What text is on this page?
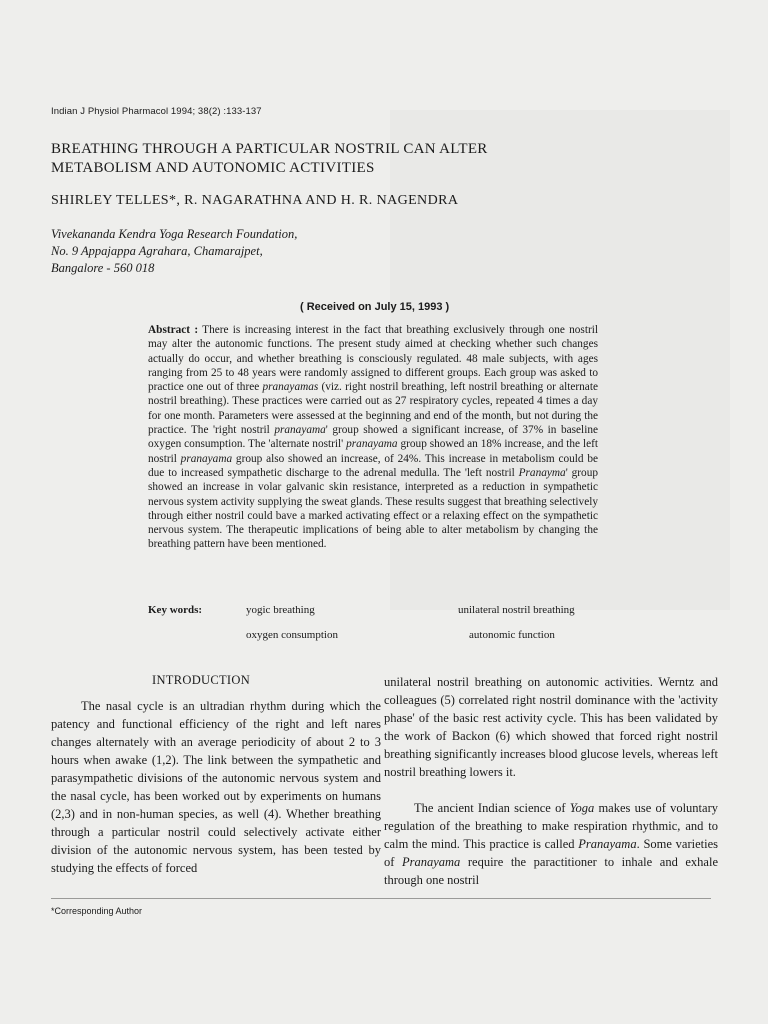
Indian J Physiol Pharmacol 1994; 38(2) :133-137
BREATHING THROUGH A PARTICULAR NOSTRIL CAN ALTER
METABOLISM AND AUTONOMIC ACTIVITIES
SHIRLEY TELLES*, R. NAGARATHNA AND H. R. NAGENDRA
Vivekananda Kendra Yoga Research Foundation,
No. 9 Appajappa Agrahara, Chamarajpet,
Bangalore - 560 018
( Received on July 15, 1993 )
Abstract : There is increasing interest in the fact that breathing exclusively through one nostril may alter the autonomic functions. The present study aimed at checking whether such changes actually do occur, and whether breathing is consciously regulated. 48 male subjects, with ages ranging from 25 to 48 years were randomly assigned to different groups. Each group was asked to practice one out of three pranayamas (viz. right nostril breathing, left nostril breathing or alternate nostril breathing). These practices were carried out as 27 respiratory cycles, repeated 4 times a day for one month. Parameters were assessed at the beginning and end of the month, but not during the practice. The 'right nostril pranayama' group showed a significant increase, of 37% in baseline oxygen consumption. The 'alternate nostril' pranayama group showed an 18% increase, and the left nostril pranayama group also showed an increase, of 24%. This increase in metabolism could be due to increased sympathetic discharge to the adrenal medulla. The 'left nostril Pranayma' group showed an increase in volar galvanic skin resistance, interpreted as a reduction in sympathetic nervous system activity supplying the sweat glands. These results suggest that breathing selectively through either nostril could bave a marked activating effect or a relaxing effect on the sympathetic nervous system. The therapeutic implications of being able to alter metabolism by changing the breathing pattern have been mentioned.
Key words:	yogic breathing	unilateral nostril breathing
oxygen consumption	autonomic function
INTRODUCTION

The nasal cycle is an ultradian rhythm during which the patency and functional efficiency of the right and left nares changes alternately with an average periodicity of about 2 to 3 hours when awake (1,2). The link between the sympathetic and parasympathetic divisions of the autonomic nervous system and the nasal cycle, has been worked out by experiments on humans (2,3) and in non-human species, as well (4). Whether breathing through a particular nostril could selectively activate either division of the autonomic nervous system, has been tested by studying the effects of forced

unilateral nostril breathing on autonomic activities. Werntz and colleagues (5) correlated right nostril dominance with the 'activity phase' of the basic rest activity cycle. This has been validated by the work of Backon (6) which showed that forced right nostril breathing significantly increases blood glucose levels, whereas left nostril breathing lowers it.

The ancient Indian science of Yoga makes use of voluntary regulation of the breathing to make respiration rhythmic, and to calm the mind. This practice is called Pranayama. Some varieties of Pranayama require the paractitioner to inhale and exhale through one nostril

*Corresponding Author
